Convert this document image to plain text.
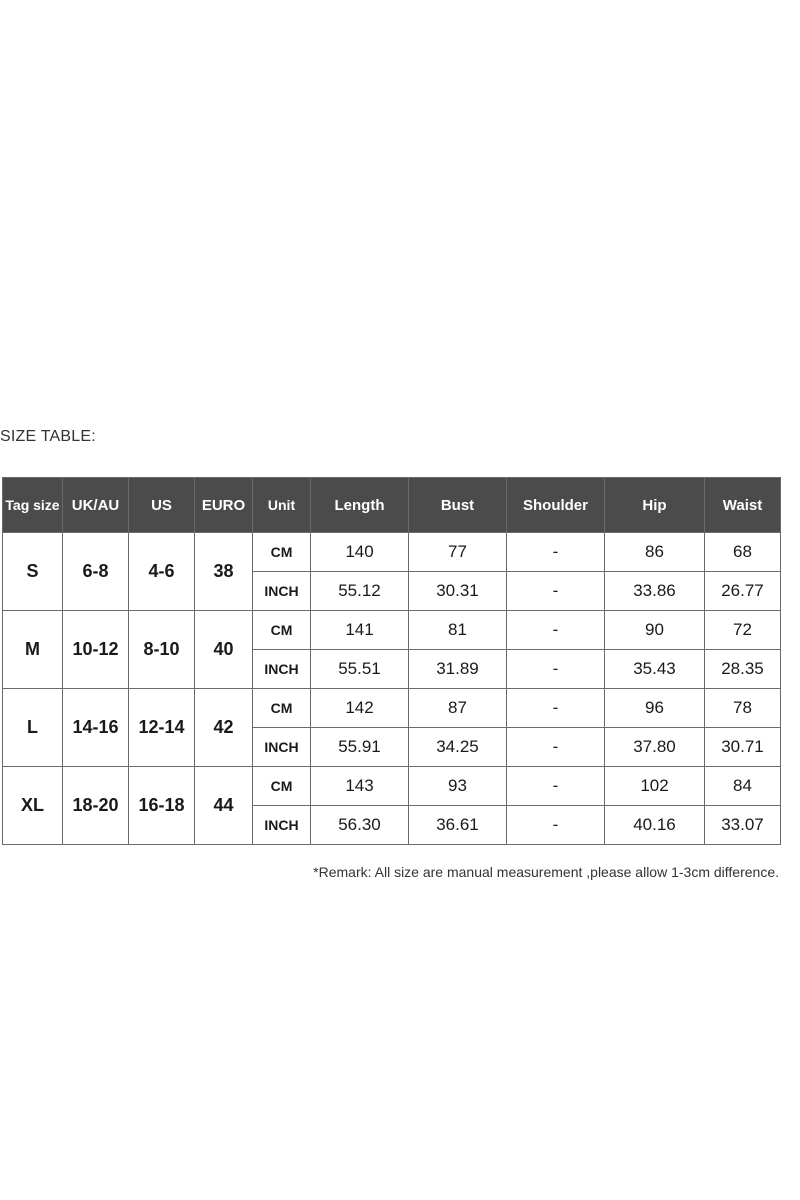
SIZE TABLE:
Tag size	UK/AU	US	EURO	Unit	Length	Bust	Shoulder	Hip	Waist
S	6-8	4-6	38	CM	140	77	-	86	68
				INCH	55.12	30.31	-	33.86	26.77
M	10-12	8-10	40	CM	141	81	-	90	72
				INCH	55.51	31.89	-	35.43	28.35
L	14-16	12-14	42	CM	142	87	-	96	78
				INCH	55.91	34.25	-	37.80	30.71
XL	18-20	16-18	44	CM	143	93	-	102	84
				INCH	56.30	36.61	-	40.16	33.07
*Remark: All size are manual measurement ,please allow 1-3cm difference.
